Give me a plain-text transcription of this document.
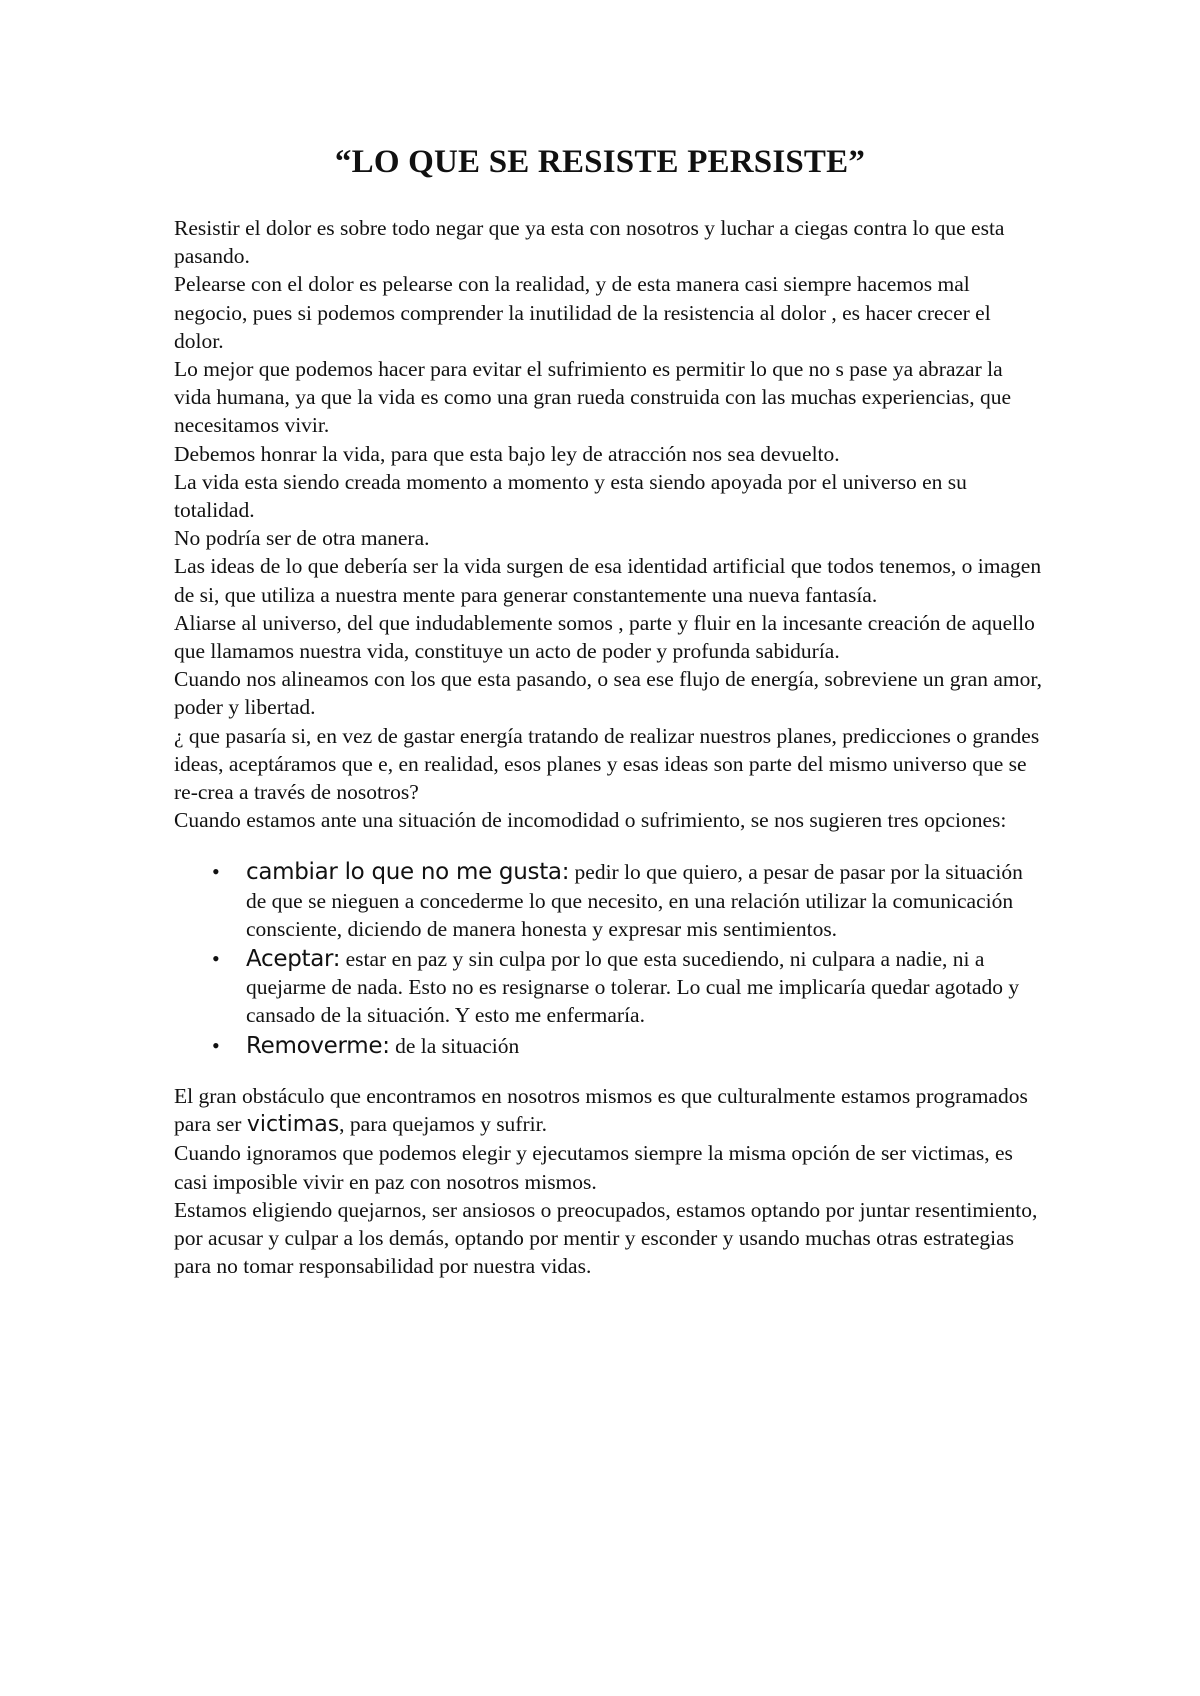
“LO QUE SE RESISTE PERSISTE”

Resistir el dolor es sobre todo negar que ya esta con nosotros y luchar a ciegas contra lo que esta pasando.

Pelearse con el dolor es pelearse con la realidad, y de esta manera casi siempre hacemos mal negocio, pues si podemos comprender la inutilidad de la resistencia al dolor , es hacer crecer el dolor.

Lo mejor que podemos hacer para evitar el sufrimiento es permitir lo que no s pase ya abrazar la vida humana, ya que la vida es como una gran rueda construida con las muchas experiencias, que necesitamos vivir.

Debemos honrar la vida, para que esta bajo ley de atracción nos sea devuelto.

La vida esta siendo creada momento a momento y esta siendo apoyada por el universo en su totalidad.

No podría ser de otra manera.

Las ideas de lo que debería ser la vida surgen de esa identidad artificial que todos tenemos, o imagen de si, que utiliza a nuestra mente para generar constantemente una nueva fantasía.

Aliarse al universo, del que indudablemente somos , parte y fluir en la incesante creación de aquello que llamamos nuestra vida, constituye un acto de poder y profunda sabiduría.

Cuando nos alineamos con los que esta pasando, o sea ese flujo de energía, sobreviene un gran amor, poder y libertad.

¿ que pasaría si, en vez de gastar energía tratando de realizar nuestros planes, predicciones o grandes ideas, aceptáramos que e, en realidad, esos planes y esas ideas son parte del mismo universo que se re-crea a través de nosotros?

Cuando estamos ante una situación de incomodidad o sufrimiento, se nos sugieren tres opciones:

• cambiar lo que no me gusta: pedir lo que quiero, a pesar de pasar por la situación de que se nieguen a concederme lo que necesito, en una relación utilizar la comunicación consciente, diciendo de manera honesta y expresar mis sentimientos.
• Aceptar: estar en paz y sin culpa por lo que esta sucediendo, ni culpara a nadie, ni a quejarme de nada. Esto no es resignarse o tolerar. Lo cual me implicaría quedar agotado y cansado de la situación. Y esto me enfermaría.
• Removerme: de la situación

El gran obstáculo que encontramos en nosotros mismos es que culturalmente estamos programados para ser victimas, para quejamos y sufrir.

Cuando ignoramos que podemos elegir y ejecutamos siempre la misma opción de ser victimas, es casi imposible vivir en paz con nosotros mismos.

Estamos eligiendo quejarnos, ser ansiosos o preocupados, estamos optando por juntar resentimiento, por acusar y culpar a los demás, optando por mentir y esconder y usando muchas otras estrategias para no tomar responsabilidad por nuestra vidas.
